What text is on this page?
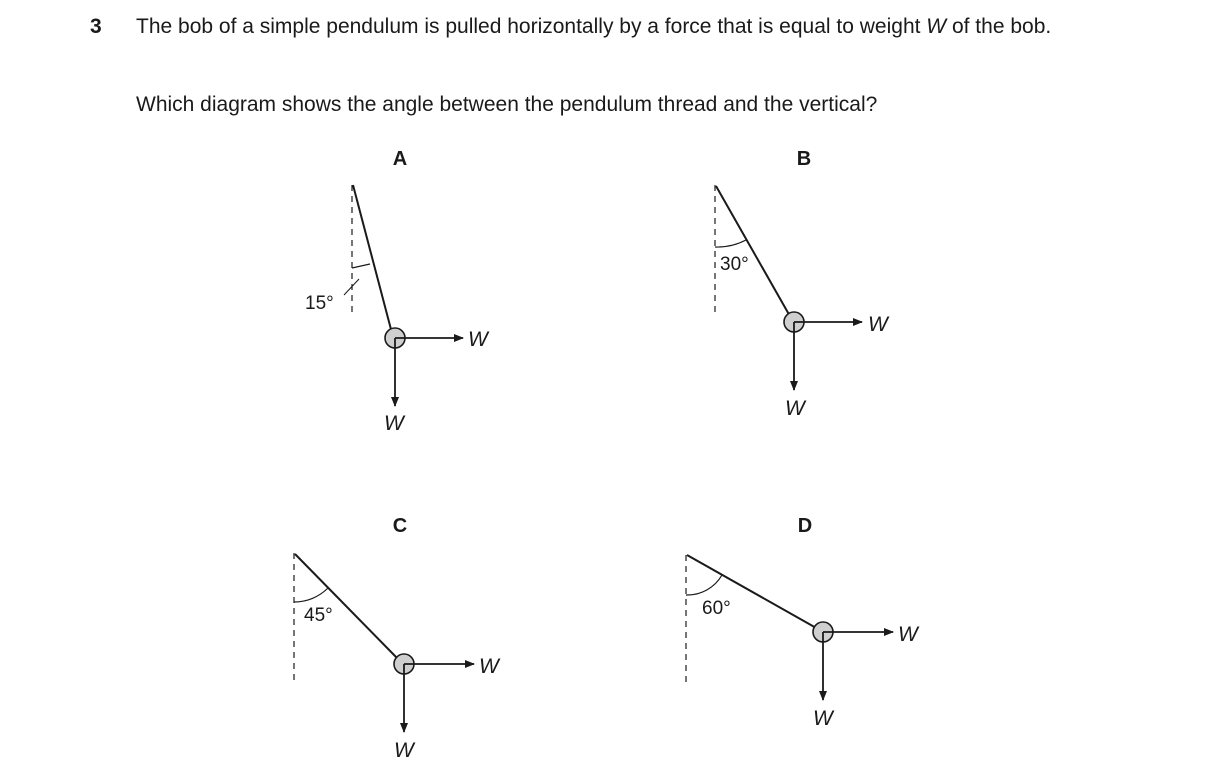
3 The bob of a simple pendulum is pulled horizontally by a force that is equal to weight W of the bob.

Which diagram shows the angle between the pendulum thread and the vertical?

A
15°
W
W
B
30°
W
W
C
45°
W
W
D
60°
W
W
